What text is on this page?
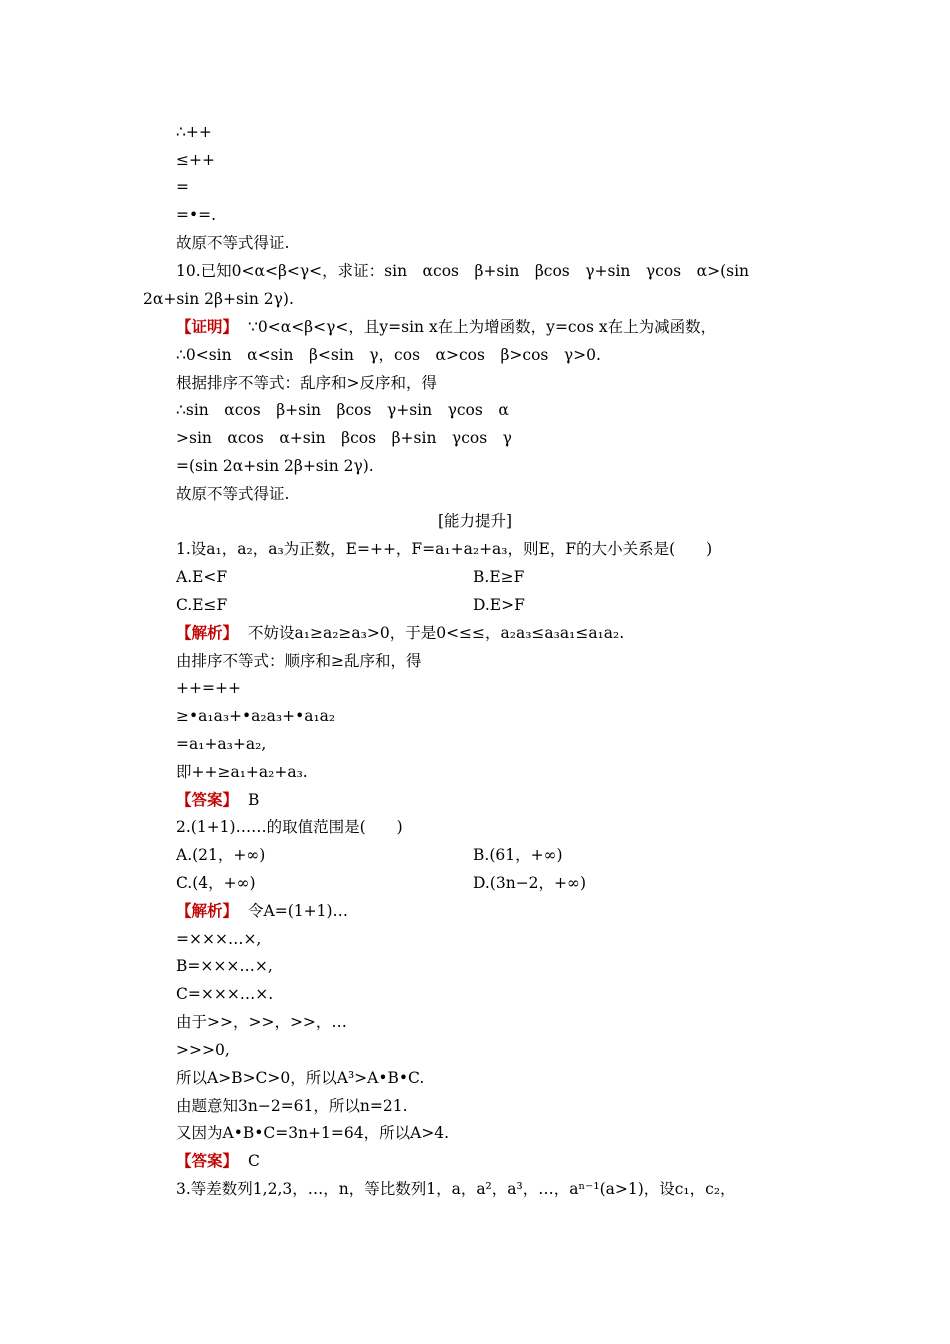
∴++
≤++
=
=•=.
故原不等式得证.
10.已知0<α<β<γ<，求证：sin　αcos　β+sin　βcos　γ+sin　γcos　α>(sin
2α+sin 2β+sin 2γ).
【证明】 ∵0<α<β<γ<，且y=sin x在上为增函数，y=cos x在上为减函数，
∴0<sin　α<sin　β<sin　γ，cos　α>cos　β>cos　γ>0.
根据排序不等式：乱序和>反序和，得
∴sin　αcos　β+sin　βcos　γ+sin　γcos　α
>sin　αcos　α+sin　βcos　β+sin　γcos　γ
=(sin 2α+sin 2β+sin 2γ).
故原不等式得证.
[能力提升]
1.设a₁，a₂，a₃为正数，E=++，F=a₁+a₂+a₃，则E，F的大小关系是(　　)
A.E<F	B.E≥F
C.E≤F	D.E>F
【解析】 不妨设a₁≥a₂≥a₃>0，于是0<≤≤，a₂a₃≤a₃a₁≤a₁a₂.
由排序不等式：顺序和≥乱序和，得
++=++
≥•a₁a₃+•a₂a₃+•a₁a₂
=a₁+a₃+a₂,
即++≥a₁+a₂+a₃.
【答案】 B
2.(1+1)……的取值范围是(　　)
A.(21，+∞)	B.(61，+∞)
C.(4，+∞)	D.(3n−2，+∞)
【解析】 令A=(1+1)…
=×××…×,
B=×××…×,
C=×××…×.
由于>>，>>，>>，…
>>>0,
所以A>B>C>0，所以A³>A•B•C.
由题意知3n−2=61，所以n=21.
又因为A•B•C=3n+1=64，所以A>4.
【答案】 C
3.等差数列1,2,3，…，n，等比数列1，a，a²，a³，…，aⁿ⁻¹(a>1)，设c₁，c₂，
